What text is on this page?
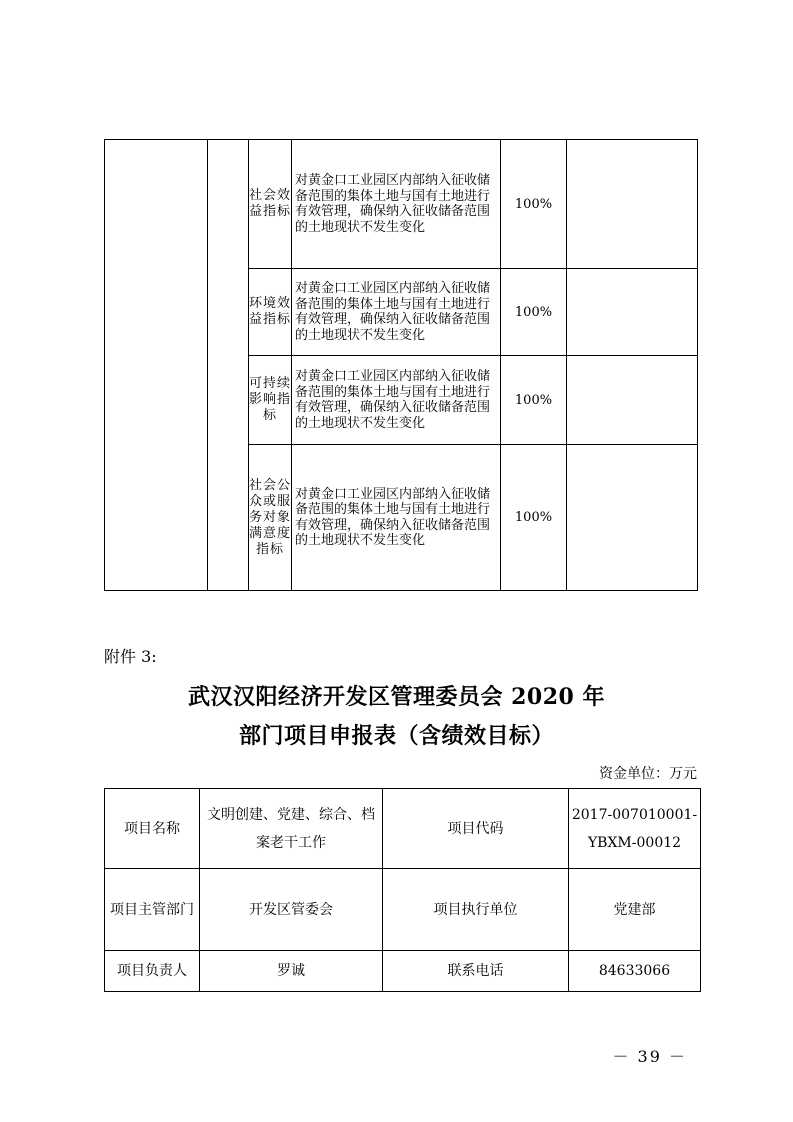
		社会效益指标	对黄金口工业园区内部纳入征收储备范围的集体土地与国有土地进行有效管理，确保纳入征收储备范围的土地现状不发生变化	100%	
		环境效益指标	对黄金口工业园区内部纳入征收储备范围的集体土地与国有土地进行有效管理，确保纳入征收储备范围的土地现状不发生变化	100%	
		可持续影响指标	对黄金口工业园区内部纳入征收储备范围的集体土地与国有土地进行有效管理，确保纳入征收储备范围的土地现状不发生变化	100%	
		社会公众或服务对象满意度指标	对黄金口工业园区内部纳入征收储备范围的集体土地与国有土地进行有效管理，确保纳入征收储备范围的土地现状不发生变化	100%	
附件 3:
武汉汉阳经济开发区管理委员会 2020 年
部门项目申报表（含绩效目标）
资金单位：万元
项目名称	文明创建、党建、综合、档案老干工作	项目代码	2017-007010001-YBXM-00012
项目主管部门	开发区管委会	项目执行单位	党建部
项目负责人	罗诚	联系电话	84633066
－ 39 －
